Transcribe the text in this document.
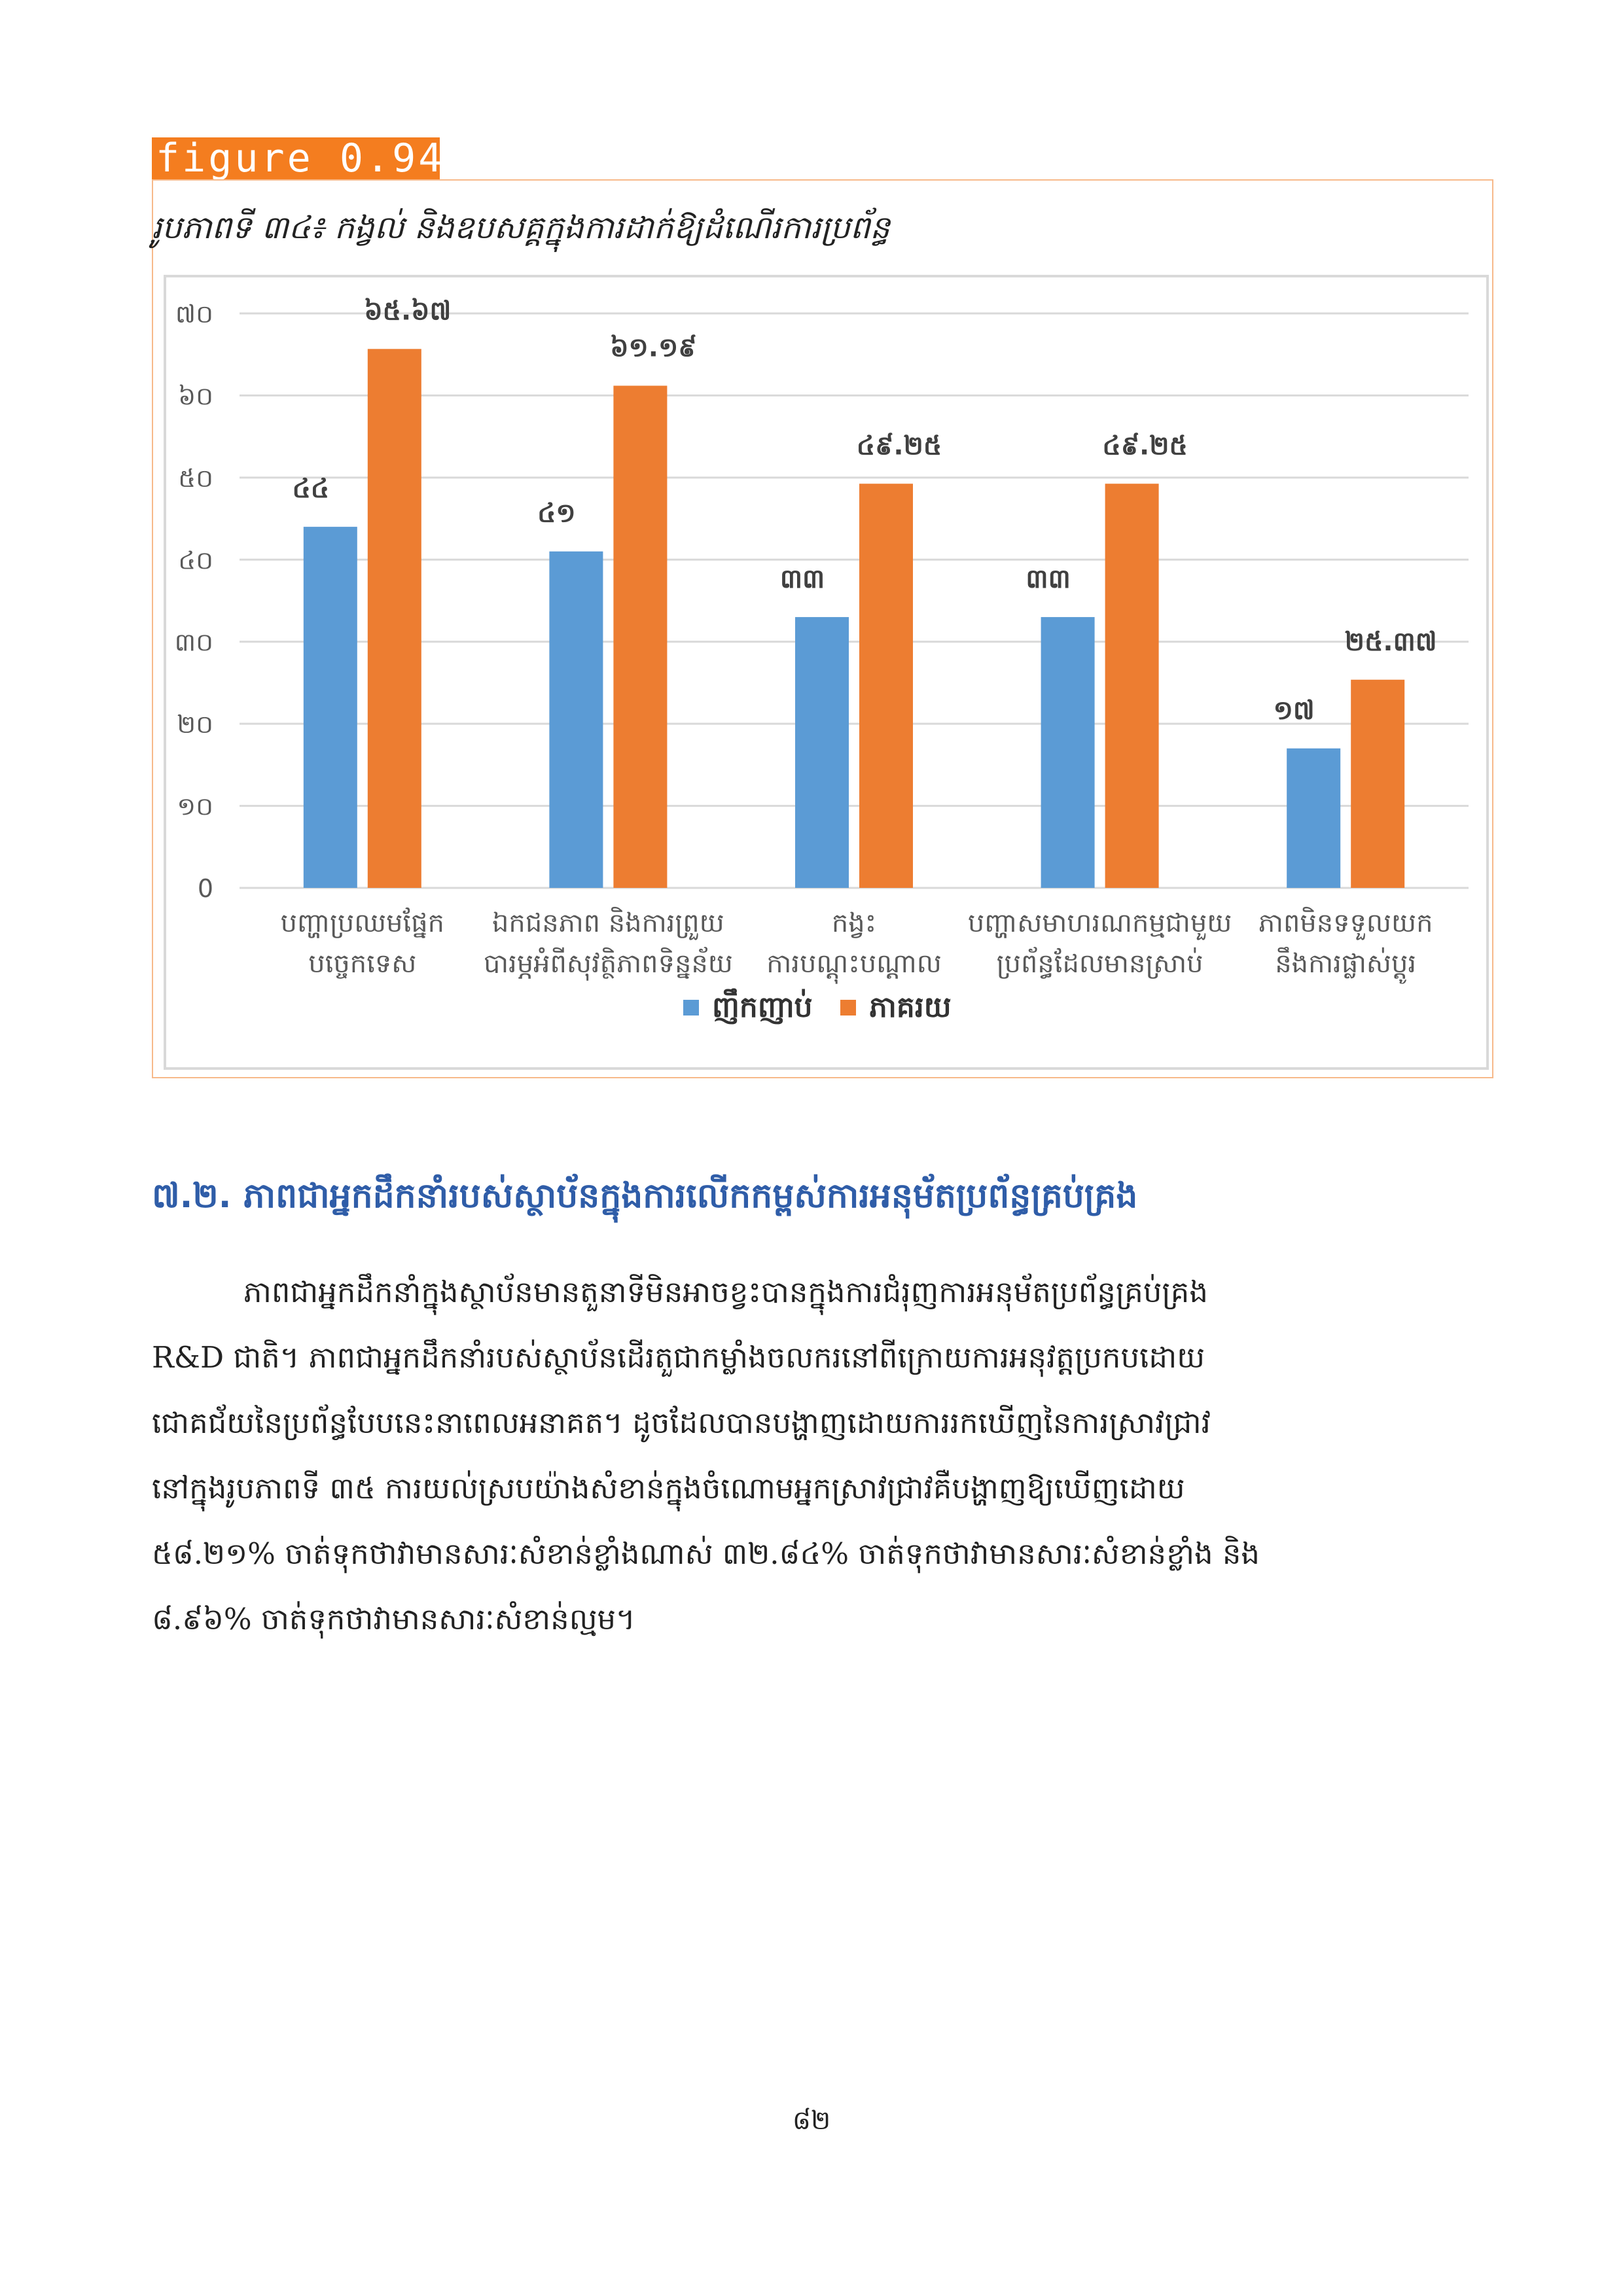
figure 0.94
រូបភាពទី ៣៤៖ កង្វល់ និងឧបសគ្គក្នុងការដាក់ឱ្យដំណើរការប្រព័ន្ធ
0
១០
២០
៣០
៤០
៥០
៦០
៧០
៤៤
៤១
៣៣	៣៣
១៧
៦៥.៦៧
៦១.១៩
៤៩.២៥	៤៩.២៥
២៥.៣៧
បញ្ហាប្រឈមផ្នែក
បច្ចេកទេស
ឯកជនភាព និងការព្រួយ
បារម្ភអំពីសុវត្ថិភាពទិន្នន័យ
កង្វះ
ការបណ្ដុះបណ្ដាល
បញ្ហាសមាហរណកម្មជាមួយ
ប្រព័ន្ធដែលមានស្រាប់
ភាពមិនទទួលយក
នឹងការផ្លាស់ប្ដូរ
ញឹកញាប់ ភាគរយ
៧.២. ភាពជាអ្នកដឹកនាំរបស់ស្ថាប័នក្នុងការលើកកម្ពស់ការអនុម័តប្រព័ន្ធគ្រប់គ្រង
ភាពជាអ្នកដឹកនាំក្នុងស្ថាប័នមានតួនាទីមិនអាចខ្វះបានក្នុងការជំរុញការអនុម័តប្រព័ន្ធគ្រប់គ្រង
R&D ជាតិ។ ភាពជាអ្នកដឹកនាំរបស់ស្ថាប័នដើរតួជាកម្លាំងចលករនៅពីក្រោយការអនុវត្តប្រកបដោយ
ជោគជ័យនៃប្រព័ន្ធបែបនេះនាពេលអនាគត។ ដូចដែលបានបង្ហាញដោយការរកឃើញនៃការស្រាវជ្រាវ
នៅក្នុងរូបភាពទី ៣៥ ការយល់ស្របយ៉ាងសំខាន់ក្នុងចំណោមអ្នកស្រាវជ្រាវគឺបង្ហាញឱ្យឃើញដោយ
៥៨.២១% ចាត់ទុកថាវាមានសារៈសំខាន់ខ្លាំងណាស់ ៣២.៨៤% ចាត់ទុកថាវាមានសារៈសំខាន់ខ្លាំង និង
៨.៩៦% ចាត់ទុកថាវាមានសារៈសំខាន់ល្មម។
៨២
